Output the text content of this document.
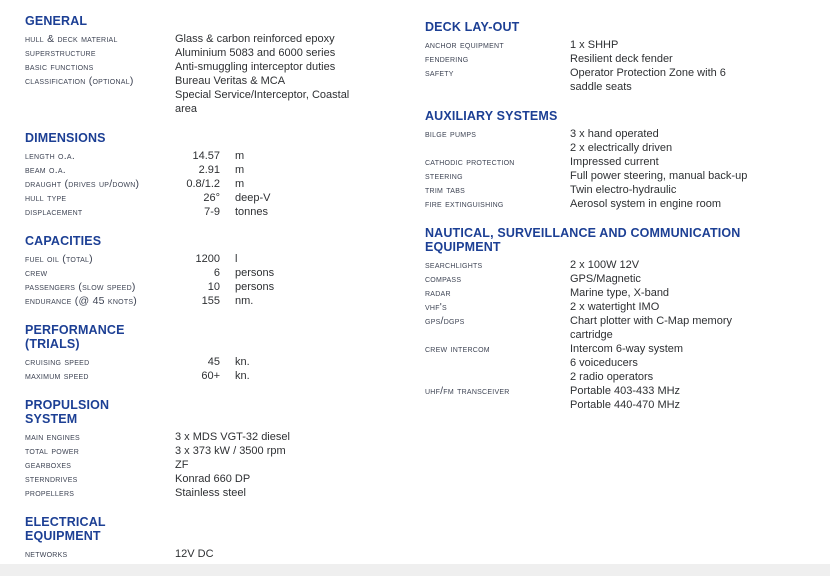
GENERAL
hull & deck material	Glass & carbon reinforced epoxy
superstructure	Aluminium 5083 and 6000 series
basic functions	Anti-smuggling interceptor duties
classification (optional)	Bureau Veritas & MCA
Special Service/Interceptor, Coastal
area
DIMENSIONS
length o.a.	14.57	m
beam o.a.	2.91	m
draught (drives up/down)	0.8/1.2	m
hull type	26°	deep-V
displacement	7-9	tonnes
CAPACITIES
fuel oil (total)	1200	l
crew	6	persons
passengers (slow speed)	10	persons
endurance (@ 45 knots)	155	nm.
PERFORMANCE
(TRIALS)
cruising speed	45	kn.
maximum speed	60+	kn.
PROPULSION
SYSTEM
main engines	3 x MDS VGT-32 diesel
total power	3 x 373 kW / 3500 rpm
gearboxes	ZF
sterndrives	Konrad 660 DP
propellers	Stainless steel
ELECTRICAL
EQUIPMENT
networks	12V DC
DECK LAY-OUT
anchor equipment	1 x SHHP
fendering	Resilient deck fender
safety	Operator Protection Zone with 6
saddle seats
AUXILIARY SYSTEMS
bilge pumps	3 x hand operated
2 x electrically driven
cathodic protection	Impressed current
steering	Full power steering, manual back-up
trim tabs	Twin electro-hydraulic
fire extinguishing	Aerosol system in engine room
NAUTICAL, SURVEILLANCE AND COMMUNICATION
EQUIPMENT
searchlights	2 x 100W 12V
compass	GPS/Magnetic
radar	Marine type, X-band
vhf's	2 x watertight IMO
gps/dgps	Chart plotter with C-Map memory
cartridge
crew intercom	Intercom 6-way system
6 voiceducers
2 radio operators
uhf/fm transceiver	Portable 403-433 MHz
Portable 440-470 MHz
